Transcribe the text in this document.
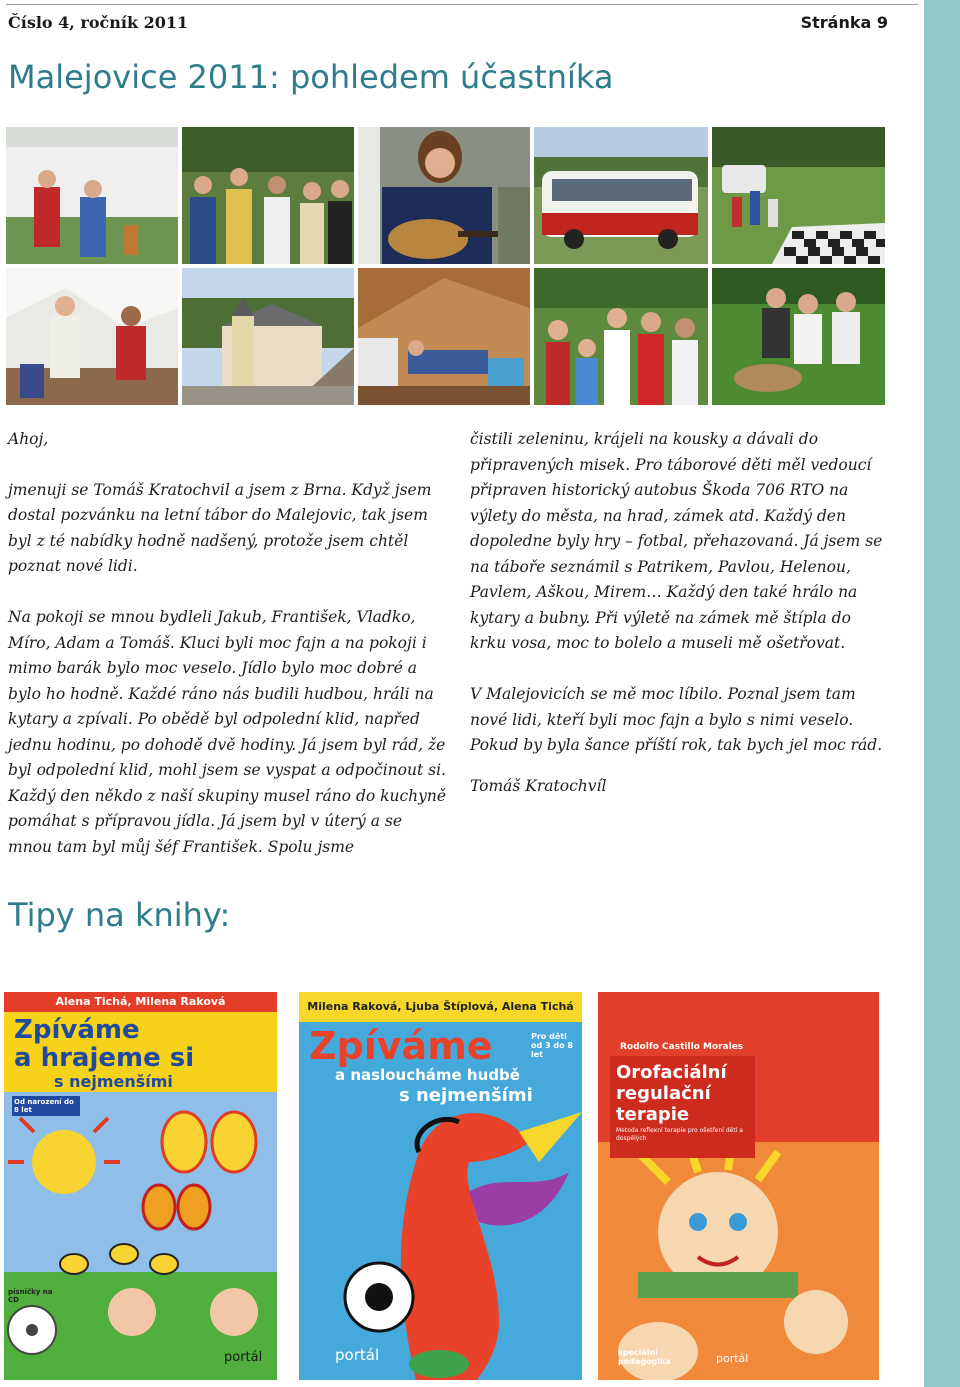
Číslo 4, ročník 2011	Stránka 9
Malejovice 2011: pohledem účastníka

Ahoj,

jmenuji se Tomáš Kratochvil a jsem z Brna. Když jsem dostal pozvánku na letní tábor do Malejovic, tak jsem byl z té nabídky hodně nadšený, protože jsem chtěl poznat nové lidi.

Na pokoji se mnou bydleli Jakub, František, Vladko, Míro, Adam a Tomáš. Kluci byli moc fajn a na pokoji i mimo barák bylo moc veselo. Jídlo bylo moc dobré a bylo ho hodně. Každé ráno nás budili hudbou, hráli na kytary a zpívali. Po obědě byl odpolední klid, napřed jednu hodinu, po dohodě dvě hodiny. Já jsem byl rád, že byl odpolední klid, mohl jsem se vyspat a odpočinout si. Každý den někdo z naší skupiny musel ráno do kuchyně pomáhat s přípravou jídla. Já jsem byl v úterý a se mnou tam byl můj šéf František. Spolu jsme

čistili zeleninu, krájeli na kousky a dávali do připravených misek. Pro táborové děti měl vedoucí připraven historický autobus Škoda 706 RTO na výlety do města, na hrad, zámek atd. Každý den dopoledne byly hry – fotbal, přehazovaná. Já jsem se na táboře seznámil s Patrikem, Pavlou, Helenou, Pavlem, Aškou, Mirem… Každý den také hrálo na kytary a bubny. Při výletě na zámek mě štípla do krku vosa, moc to bolelo a museli mě ošetřovat.

V Malejovicích se mě moc líbilo. Poznal jsem tam nové lidi, kteří byli moc fajn a bylo s nimi veselo. Pokud by byla šance příští rok, tak bych jel moc rád.

Tomáš Kratochvíl

Tipy na knihy:
Alena Tichá, Milena Raková
Zpíváme
a hrajeme si
s nejmenšími
Od narození do 8 let
písničky na CD
portál
Milena Raková, Ljuba Štíplová, Alena Tichá
Pro děti
od 3 do 8 let
Zpíváme
a nasloucháme hudbě
s nejmenšími
portál
Rodolfo Castillo Morales
Orofaciální
regulační
terapie
Metoda reflexní terapie pro ošetření dětí a dospělých
speciální pedagogika	portál
